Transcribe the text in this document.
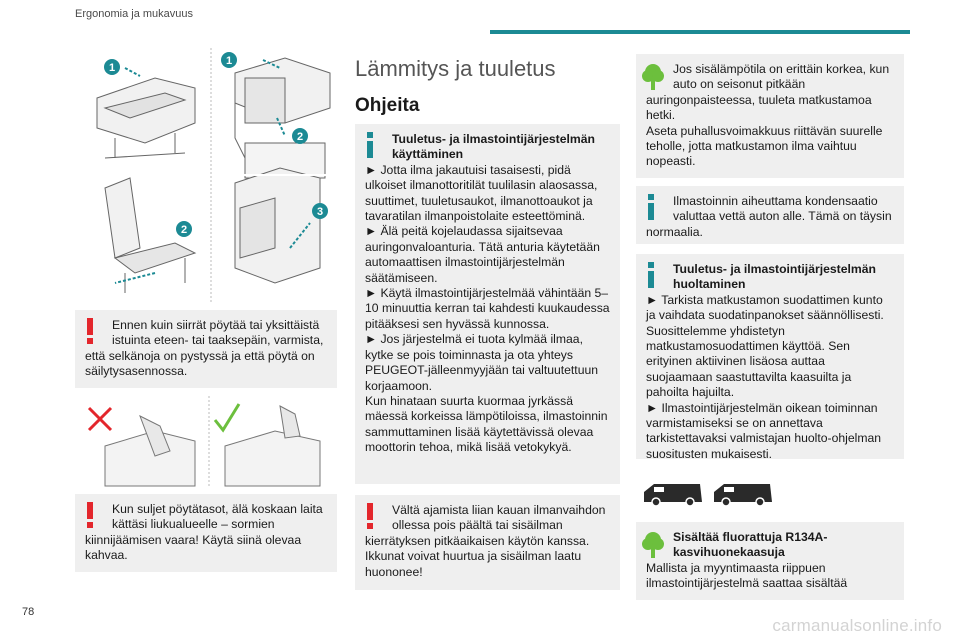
Ergonomia ja mukavuus
1
1
2
2
3

Ennen kuin siirrät pöytää tai yksittäistä istuinta eteen- tai taaksepäin, varmista,

että selkänoja on pystyssä ja että pöytä on säilytysasennossa.

Kun suljet pöytätasot, älä koskaan laita kättäsi liukualueelle – sormien

kiinnijäämisen vaara! Käytä siinä olevaa kahvaa.

Lämmitys ja tuuletus
Ohjeita

Tuuletus- ja ilmastointijärjestelmän käyttäminen

► Jotta ilma jakautuisi tasaisesti, pidä ulkoiset ilmanottoritilät tuulilasin alaosassa, suuttimet, tuuletusaukot, ilmanottoaukot ja tavaratilan ilmanpoistolaite esteettöminä.

► Älä peitä kojelaudassa sijaitsevaa auringonvaloanturia. Tätä anturia käytetään automaattisen ilmastointijärjestelmän säätämiseen.

► Käytä ilmastointijärjestelmää vähintään 5–10 minuuttia kerran tai kahdesti kuukaudessa pitääksesi sen hyvässä kunnossa.

► Jos järjestelmä ei tuota kylmää ilmaa, kytke se pois toiminnasta ja ota yhteys PEUGEOT-jälleenmyyjään tai valtuutettuun korjaamoon.

Kun hinataan suurta kuormaa jyrkässä mäessä korkeissa lämpötiloissa, ilmastoinnin sammuttaminen lisää käytettävissä olevaa moottorin tehoa, mikä lisää vetokykyä.

Vältä ajamista liian kauan ilmanvaihdon ollessa pois päältä tai sisäilman

kierrätyksen pitkäaikaisen käytön kanssa. Ikkunat voivat huurtua ja sisäilman laatu huononee!

Jos sisälämpötila on erittäin korkea, kun auto on seisonut pitkään

auringonpaisteessa, tuuleta matkustamoa hetki.

Aseta puhallusvoimakkuus riittävän suurelle teholle, jotta matkustamon ilma vaihtuu nopeasti.

Ilmastoinnin aiheuttama kondensaatio valuttaa vettä auton alle. Tämä on täysin

normaalia.

Tuuletus- ja ilmastointijärjestelmän huoltaminen

► Tarkista matkustamon suodattimen kunto ja vaihdata suodatinpanokset säännöllisesti.

Suosittelemme yhdistetyn matkustamosuodattimen käyttöä. Sen erityinen aktiivinen lisäosa auttaa suojaamaan saastuttavilta kaasuilta ja pahoilta hajuilta.

► Ilmastointijärjestelmän oikean toiminnan varmistamiseksi se on annettava tarkistettavaksi valmistajan huolto-ohjelman suositusten mukaisesti.

Sisältää fluorattuja R134A-kasvihuonekaasuja

Mallista ja myyntimaasta riippuen ilmastointijärjestelmä saattaa sisältää

78
carmanualsonline.info
